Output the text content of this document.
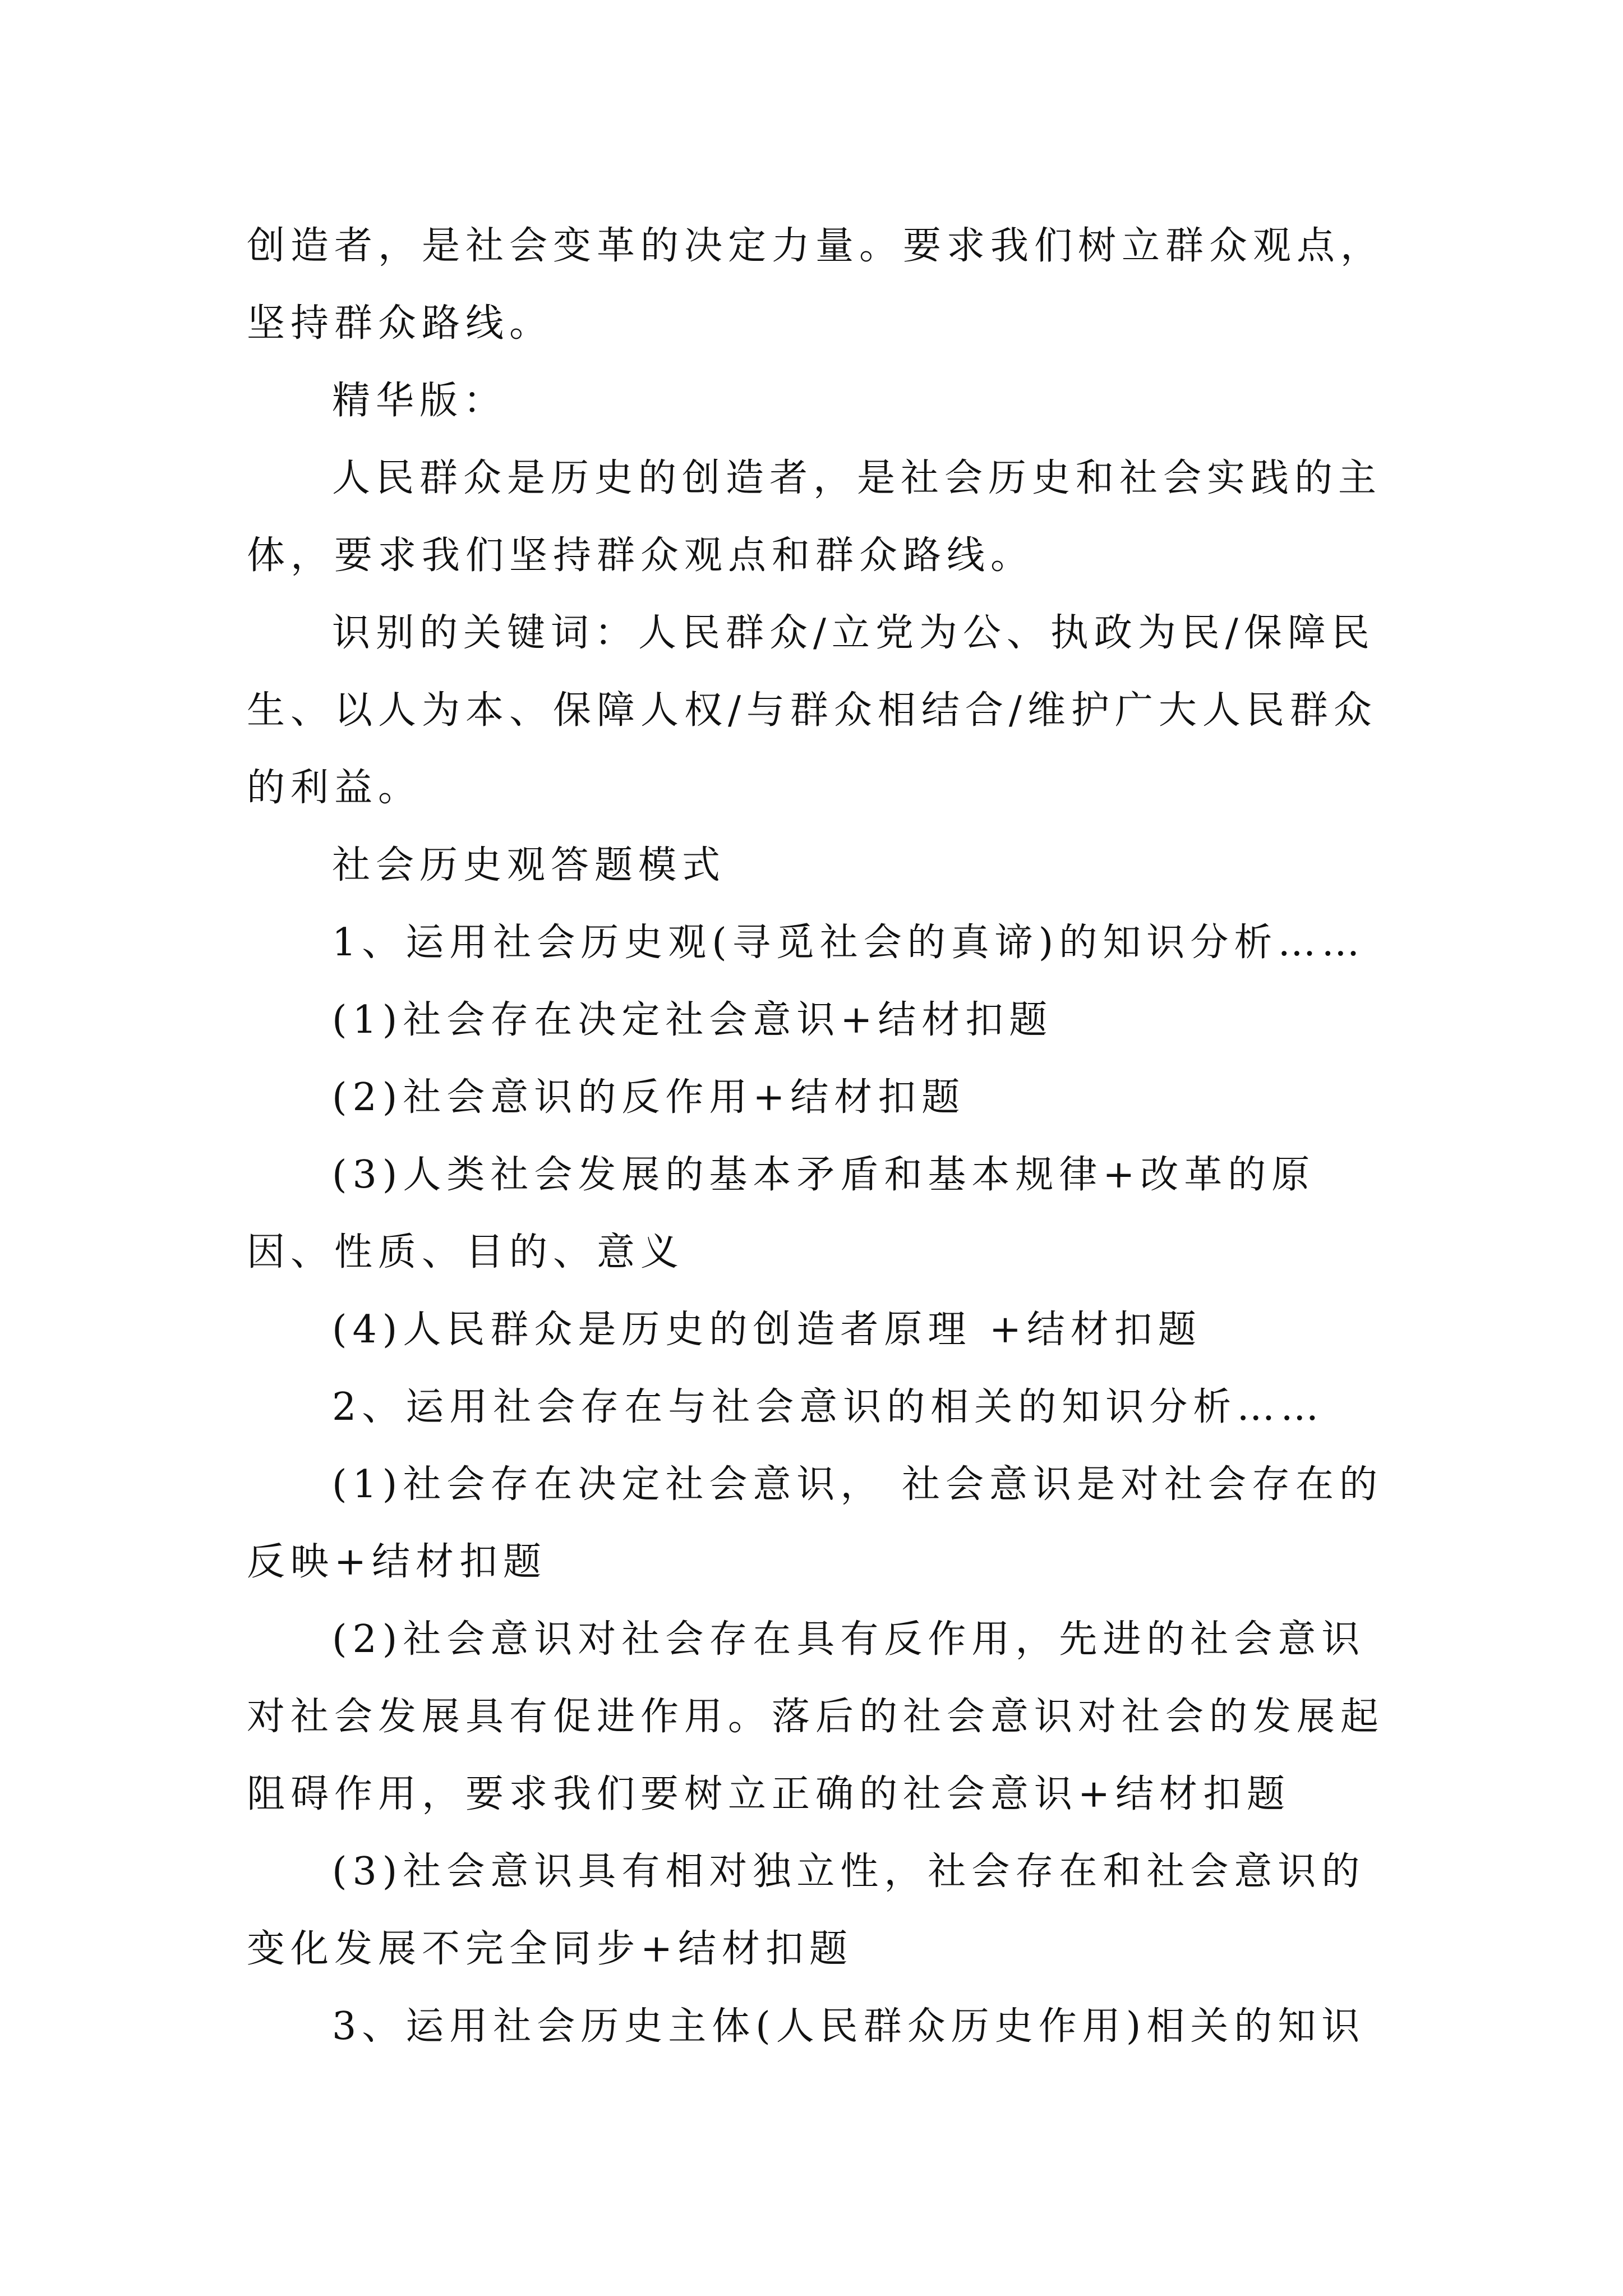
创造者，是社会变革的决定力量。要求我们树立群众观点，坚持群众路线。

精华版：

人民群众是历史的创造者，是社会历史和社会实践的主体，要求我们坚持群众观点和群众路线。

识别的关键词：人民群众/立党为公、执政为民/保障民生、以人为本、保障人权/与群众相结合/维护广大人民群众的利益。

社会历史观答题模式

1、运用社会历史观(寻觅社会的真谛)的知识分析……

(1)社会存在决定社会意识+结材扣题

(2)社会意识的反作用+结材扣题

(3)人类社会发展的基本矛盾和基本规律+改革的原因、性质、目的、意义

(4)人民群众是历史的创造者原理 +结材扣题

2、运用社会存在与社会意识的相关的知识分析……

(1)社会存在决定社会意识， 社会意识是对社会存在的反映+结材扣题

(2)社会意识对社会存在具有反作用，先进的社会意识对社会发展具有促进作用。落后的社会意识对社会的发展起阻碍作用，要求我们要树立正确的社会意识+结材扣题

(3)社会意识具有相对独立性，社会存在和社会意识的变化发展不完全同步+结材扣题

3、运用社会历史主体(人民群众历史作用)相关的知识
